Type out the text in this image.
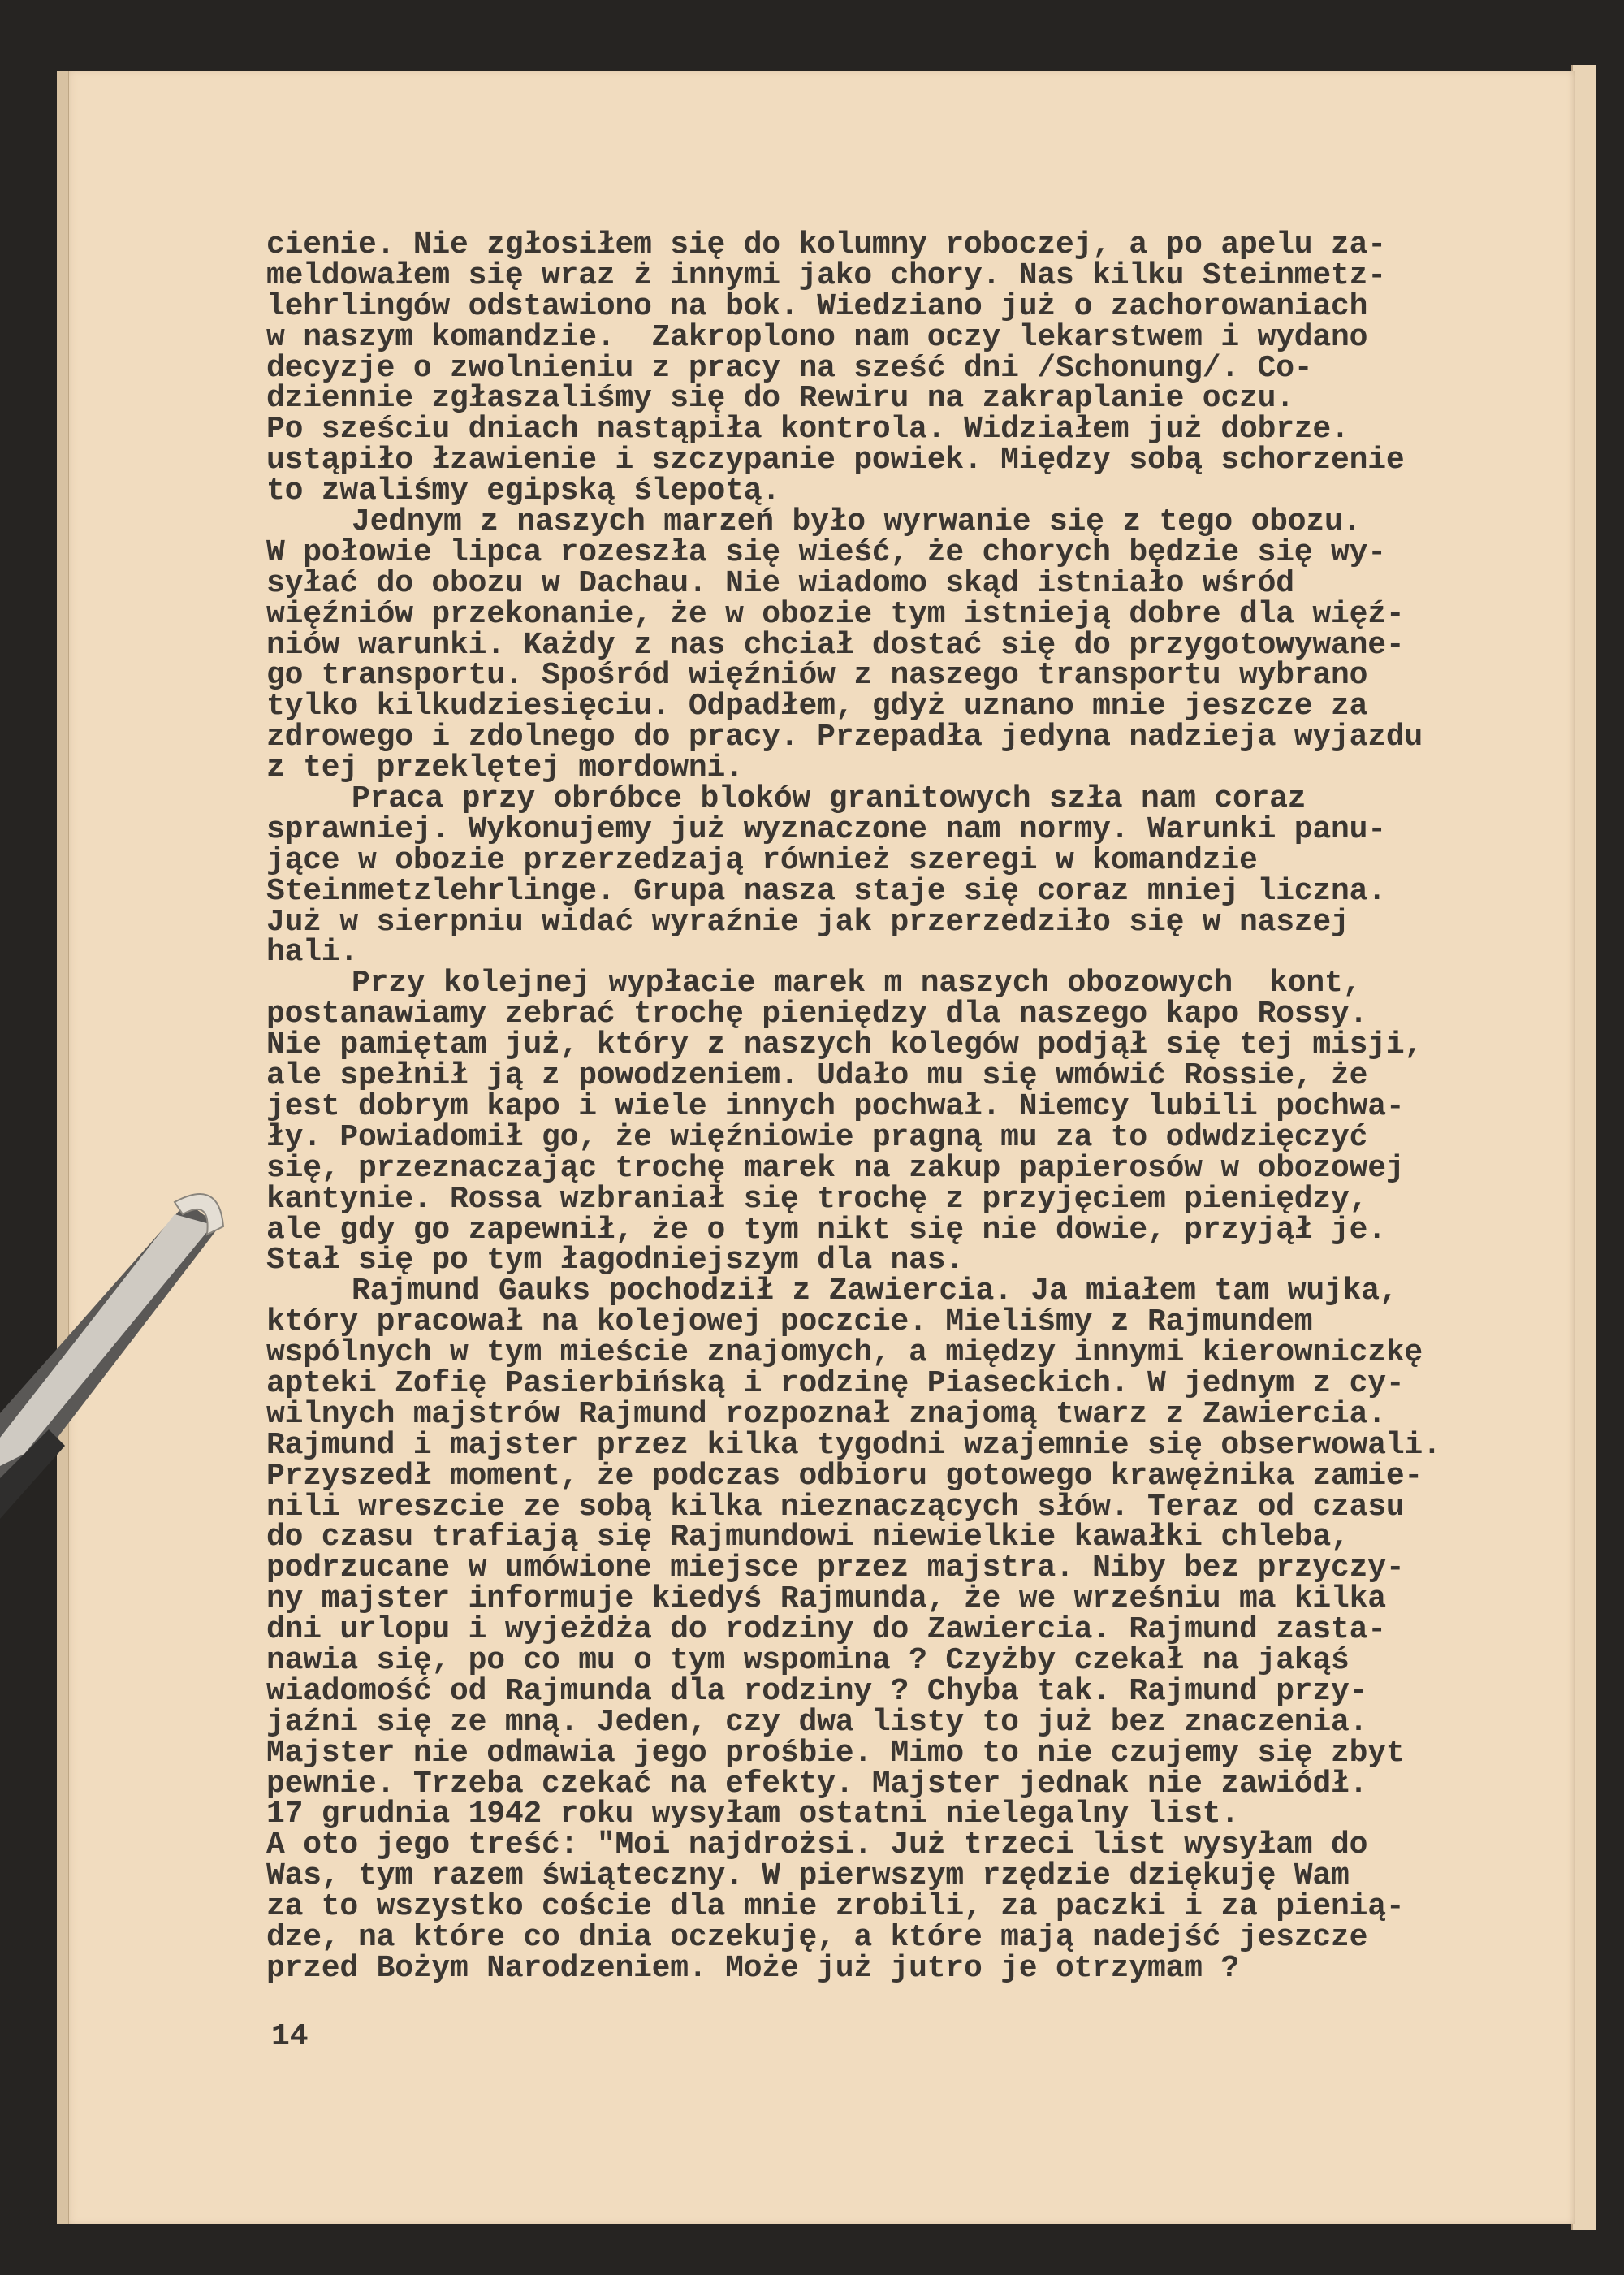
cienie. Nie zgłosiłem się do kolumny roboczej, a po apelu za-
meldowałem się wraz ż innymi jako chory. Nas kilku Steinmetz-
lehrlingów odstawiono na bok. Wiedziano już o zachorowaniach
w naszym komandzie.  Zakroplono nam oczy lekarstwem i wydano
decyzje o zwolnieniu z pracy na sześć dni /Schonung/. Co-
dziennie zgłaszaliśmy się do Rewiru na zakraplanie oczu.
Po sześciu dniach nastąpiła kontrola. Widziałem już dobrze.
ustąpiło łzawienie i szczypanie powiek. Między sobą schorzenie
to zwaliśmy egipską ślepotą.
Jednym z naszych marzeń było wyrwanie się z tego obozu.
W połowie lipca rozeszła się wieść, że chorych będzie się wy-
syłać do obozu w Dachau. Nie wiadomo skąd istniało wśród
więźniów przekonanie, że w obozie tym istnieją dobre dla więź-
niów warunki. Każdy z nas chciał dostać się do przygotowywane-
go transportu. Spośród więźniów z naszego transportu wybrano
tylko kilkudziesięciu. Odpadłem, gdyż uznano mnie jeszcze za
zdrowego i zdolnego do pracy. Przepadła jedyna nadzieja wyjazdu
z tej przeklętej mordowni.
Praca przy obróbce bloków granitowych szła nam coraz
sprawniej. Wykonujemy już wyznaczone nam normy. Warunki panu-
jące w obozie przerzedzają również szeregi w komandzie
Steinmetzlehrlinge. Grupa nasza staje się coraz mniej liczna.
Już w sierpniu widać wyraźnie jak przerzedziło się w naszej
hali.
Przy kolejnej wypłacie marek m naszych obozowych  kont,
postanawiamy zebrać trochę pieniędzy dla naszego kapo Rossy.
Nie pamiętam już, który z naszych kolegów podjął się tej misji,
ale spełnił ją z powodzeniem. Udało mu się wmówić Rossie, że
jest dobrym kapo i wiele innych pochwał. Niemcy lubili pochwa-
ły. Powiadomił go, że więźniowie pragną mu za to odwdzięczyć
się, przeznaczając trochę marek na zakup papierosów w obozowej
kantynie. Rossa wzbraniał się trochę z przyjęciem pieniędzy,
ale gdy go zapewnił, że o tym nikt się nie dowie, przyjął je.
Stał się po tym łagodniejszym dla nas.
Rajmund Gauks pochodził z Zawiercia. Ja miałem tam wujka,
który pracował na kolejowej poczcie. Mieliśmy z Rajmundem
wspólnych w tym mieście znajomych, a między innymi kierowniczkę
apteki Zofię Pasierbińską i rodzinę Piaseckich. W jednym z cy-
wilnych majstrów Rajmund rozpoznał znajomą twarz z Zawiercia.
Rajmund i majster przez kilka tygodni wzajemnie się obserwowali.
Przyszedł moment, że podczas odbioru gotowego krawężnika zamie-
nili wreszcie ze sobą kilka nieznaczących słów. Teraz od czasu
do czasu trafiają się Rajmundowi niewielkie kawałki chleba,
podrzucane w umówione miejsce przez majstra. Niby bez przyczy-
ny majster informuje kiedyś Rajmunda, że we wrześniu ma kilka
dni urlopu i wyjeżdża do rodziny do Zawiercia. Rajmund zasta-
nawia się, po co mu o tym wspomina ? Czyżby czekał na jakąś
wiadomość od Rajmunda dla rodziny ? Chyba tak. Rajmund przy-
jaźni się ze mną. Jeden, czy dwa listy to już bez znaczenia.
Majster nie odmawia jego prośbie. Mimo to nie czujemy się zbyt
pewnie. Trzeba czekać na efekty. Majster jednak nie zawiódł.
17 grudnia 1942 roku wysyłam ostatni nielegalny list.
A oto jego treść: "Moi najdrożsi. Już trzeci list wysyłam do
Was, tym razem świąteczny. W pierwszym rzędzie dziękuję Wam
za to wszystko coście dla mnie zrobili, za paczki i za pienią-
dze, na które co dnia oczekuję, a które mają nadejść jeszcze
przed Bożym Narodzeniem. Może już jutro je otrzymam ?
14
